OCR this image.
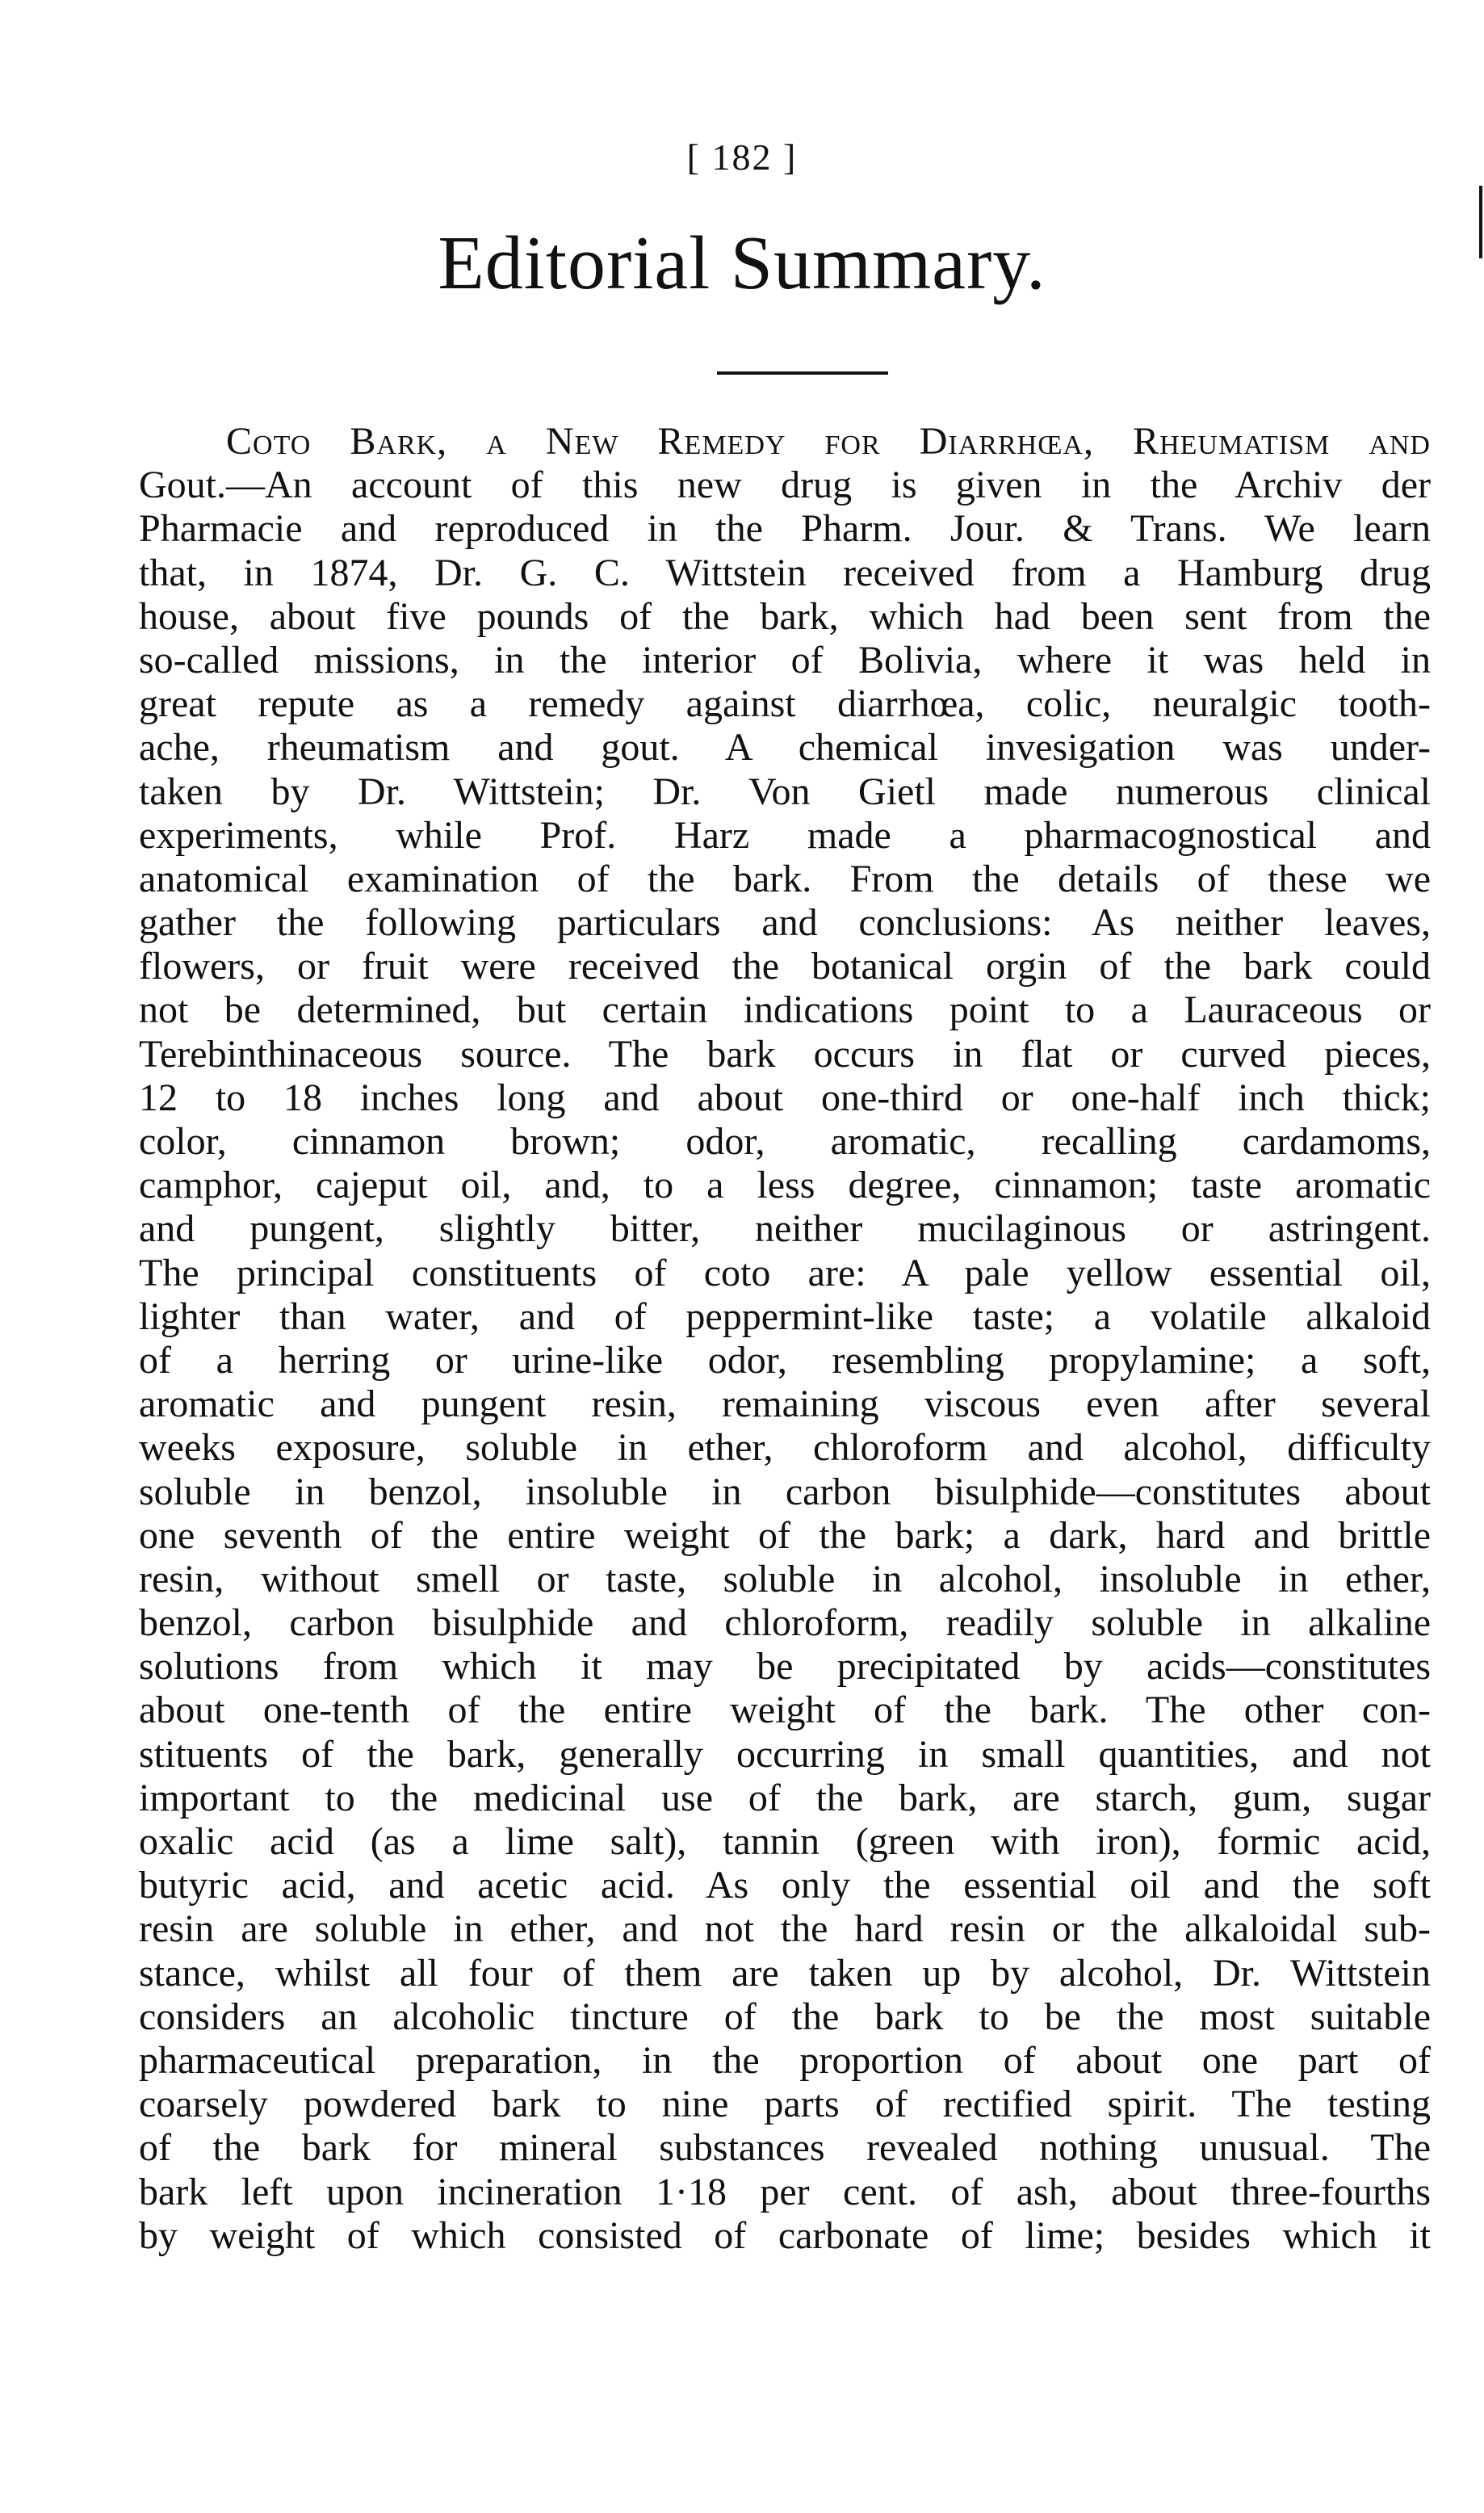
[ 182 ]
Editorial Summary.
Coto Bark, a New Remedy for Diarrhœa, Rheumatism and
Gout.—An account of this new drug is given in the Archiv der
Pharmacie and reproduced in the Pharm. Jour. & Trans. We learn
that, in 1874, Dr. G. C. Wittstein received from a Hamburg drug
house, about five pounds of the bark, which had been sent from the
so-called missions, in the interior of Bolivia, where it was held in
great repute as a remedy against diarrhœa, colic, neuralgic tooth-
ache, rheumatism and gout. A chemical invesigation was under-
taken by Dr. Wittstein; Dr. Von Gietl made numerous clinical
experiments, while Prof. Harz made a pharmacognostical and
anatomical examination of the bark. From the details of these we
gather the following particulars and conclusions: As neither leaves,
flowers, or fruit were received the botanical orgin of the bark could
not be determined, but certain indications point to a Lauraceous or
Terebinthinaceous source. The bark occurs in flat or curved pieces,
12 to 18 inches long and about one-third or one-half inch thick;
color, cinnamon brown; odor, aromatic, recalling cardamoms,
camphor, cajeput oil, and, to a less degree, cinnamon; taste aromatic
and pungent, slightly bitter, neither mucilaginous or astringent.
The principal constituents of coto are: A pale yellow essential oil,
lighter than water, and of peppermint-like taste; a volatile alkaloid
of a herring or urine-like odor, resembling propylamine; a soft,
aromatic and pungent resin, remaining viscous even after several
weeks exposure, soluble in ether, chloroform and alcohol, difficulty
soluble in benzol, insoluble in carbon bisulphide—constitutes about
one seventh of the entire weight of the bark; a dark, hard and brittle
resin, without smell or taste, soluble in alcohol, insoluble in ether,
benzol, carbon bisulphide and chloroform, readily soluble in alkaline
solutions from which it may be precipitated by acids—constitutes
about one-tenth of the entire weight of the bark. The other con-
stituents of the bark, generally occurring in small quantities, and not
important to the medicinal use of the bark, are starch, gum, sugar
oxalic acid (as a lime salt), tannin (green with iron), formic acid,
butyric acid, and acetic acid. As only the essential oil and the soft
resin are soluble in ether, and not the hard resin or the alkaloidal sub-
stance, whilst all four of them are taken up by alcohol, Dr. Wittstein
considers an alcoholic tincture of the bark to be the most suitable
pharmaceutical preparation, in the proportion of about one part of
coarsely powdered bark to nine parts of rectified spirit. The testing
of the bark for mineral substances revealed nothing unusual. The
bark left upon incineration 1·18 per cent. of ash, about three-fourths
by weight of which consisted of carbonate of lime; besides which it
